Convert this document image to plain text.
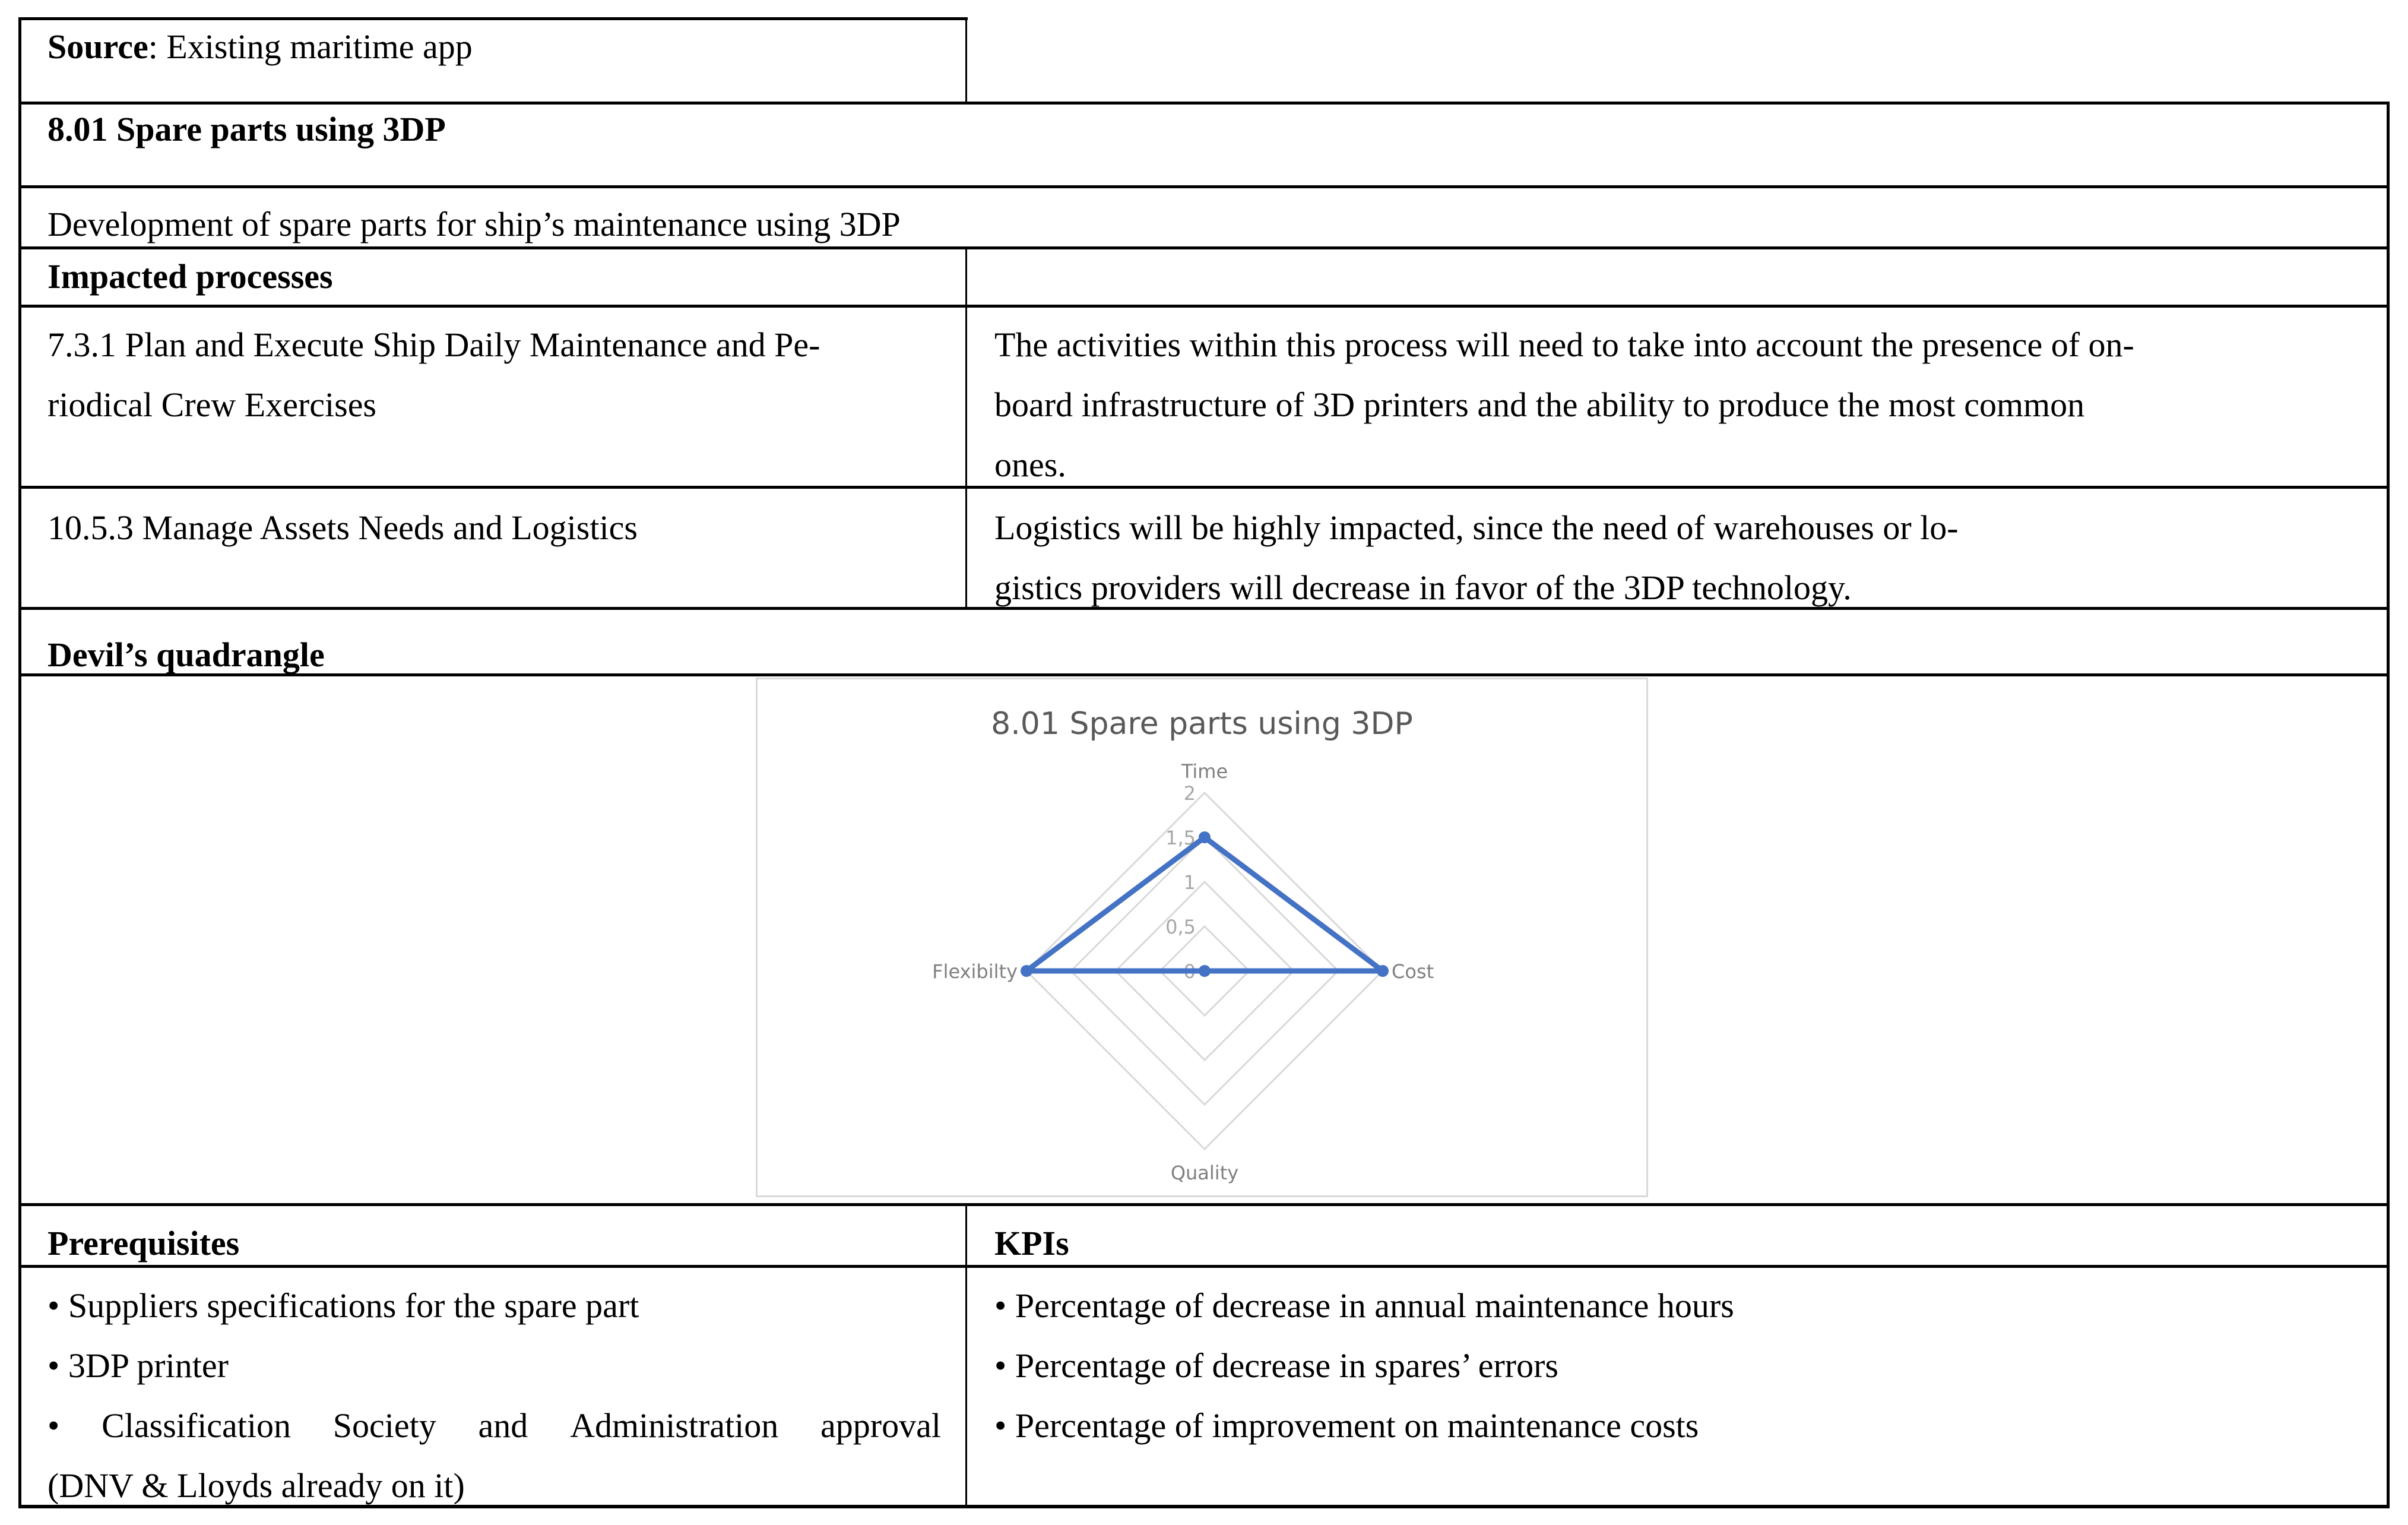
Source: Existing maritime app
8.01 Spare parts using 3DP
Development of spare parts for ship’s maintenance using 3DP
Impacted processes
7.3.1 Plan and Execute Ship Daily Maintenance and Pe-
riodical Crew Exercises
The activities within this process will need to take into account the presence of on-
board infrastructure of 3D printers and the ability to produce the most common
ones.
10.5.3 Manage Assets Needs and Logistics	Logistics will be highly impacted, since the need of warehouses or lo-
gistics providers will decrease in favor of the 3DP technology.
Devil’s quadrangle
8.01 Spare parts using 3DP
0
0,5
1
1,5
2
Time
Cost
Quality
Flexibilty
Prerequisites	KPIs
• Suppliers specifications for the spare part
• 3DP printer
• Classification Society and Administration approval
(DNV & Lloyds already on it)
• Percentage of decrease in annual maintenance hours
• Percentage of decrease in spares’ errors
• Percentage of improvement on maintenance costs
